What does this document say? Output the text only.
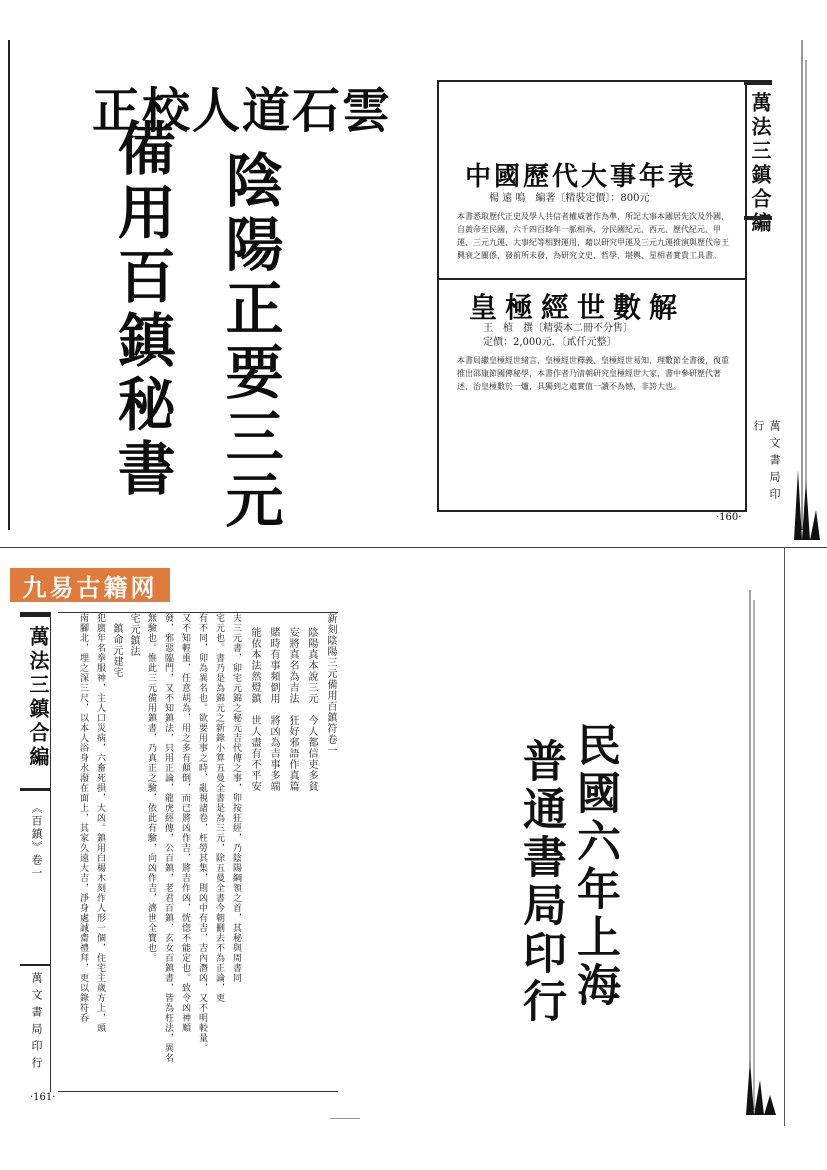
正校人道石雲
陰陽正要三元
備用百鎮秘書	中國歷代大事年表
楊 遠 鳴　編著〔精裝定價〕：800元
本書悉取歷代正史及學人共信者權威著作為準，所記大事本國居先次及外國，自黃帝至民國，六千四百餘年一脈相承，分民國紀元、西元、歷代紀元、甲運、三元九運、大事紀等相對運用，藉以研究甲運及三元九運推演與歷代帝王興衰之關係，發前所未發，為研究文史、哲學、堪輿、星相者實貴工具書。
皇極經世數解
王　植　撰〔精裝本二冊不分售〕
定價：2,000元．〔貳仟元整〕
本書局繼皇極經世緒言、皇極經世釋義、皇極經世易知、理數節全書後，復重推出邵康節國傳秘學，本書作者乃清朝研究皇極經世大家，書中參研歷代著述，治皇極數於一爐，具獨到之處實值一讀不為憾，非誇大也。
萬法三鎮合編
萬文書局印行
·160·
九易古籍网
萬法三鎮合編
《百鎮》卷一
萬文書局印行
·161·
新刻陰陽三元備用百鎮符卷一
陰陽真本說三元　今人都信吏多貧
妄將真名為吉法　狂好邪語作真篇
賭時有事頻倒用　將凶為吉事多端
能依本法然燈鎮　世人盡有不平安
夫三元書，卯宅元錦之秘元吉代傳之事，卯按狂經，乃陰陽綱領之首，其秘與周書同
宅元也。書乃是為錦元之新錄小算五曼全書是為三元，除五曼全書今朝刪去不為正論，更
有不同，卯為異名也。欲要用事之時，亂視諸卷，枉勞其集，則凶中有吉，吉內潛凶，又不明較量。
又不知輕重，任意胡為，用之多有顛倒，而已將凶作吉，將吉作凶，恍惚不能定也。致令凶神順
發，邪惡臨門，又不知鎮法，只用正論，龍虎經傳，公百鎮，老君百鎮，玄女百鎮書，皆為枉法，異名
無驗也。惟此三元備用鎮書，乃真正之驗，依此有驗，向凶作吉，濟世全寶也。
宅元鎮法
鎮命元建宅
犯廣年名拳服神，主人口災病，六畜死損，大凶。鎮用白楊木刻作人形一個，住宅主歲方上，頭
南腳北，埋之深三尺，以本人浴身水潑在面上，其家久遠大吉，淨身處誠齋禮拜，更以錄符呑	民國六年上海
普通書局印行
